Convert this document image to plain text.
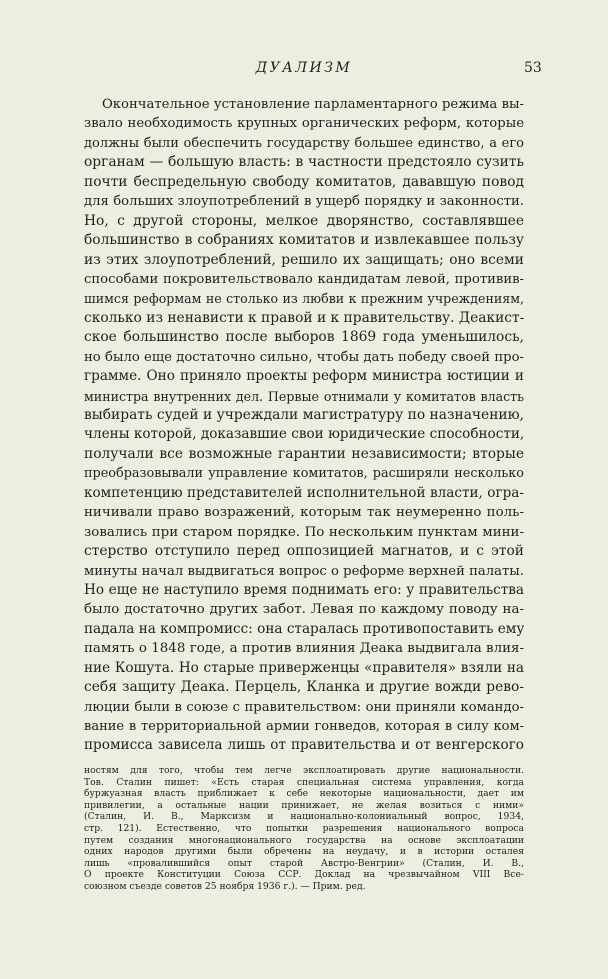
ДУАЛИЗМ	53
Окончательное установление парламентарного режима вы-
звало необходимость крупных органических реформ, которые
должны были обеспечить государству большее единство, а его
органам — большую власть: в частности предстояло сузить
почти беспредельную свободу комитатов, дававшую повод
для больших злоупотреблений в ущерб порядку и законности.
Но, с другой стороны, мелкое дворянство, составлявшее
большинство в собраниях комитатов и извлекавшее пользу
из этих злоупотреблений, решило их защищать; оно всеми
способами покровительствовало кандидатам левой, противив-
шимся реформам не столько из любви к прежним учреждениям,
сколько из ненависти к правой и к правительству. Деакист-
ское большинство после выборов 1869 года уменьшилось,
но было еще достаточно сильно, чтобы дать победу своей про-
грамме. Оно приняло проекты реформ министра юстиции и
министра внутренних дел. Первые отнимали у комитатов власть
выбирать судей и учреждали магистратуру по назначению,
члены которой, доказавшие свои юридические способности,
получали все возможные гарантии независимости; вторые
преобразовывали управление комитатов, расширяли несколько
компетенцию представителей исполнительной власти, огра-
ничивали право возражений, которым так неумеренно поль-
зовались при старом порядке. По нескольким пунктам мини-
стерство отступило перед оппозицией магнатов, и с этой
минуты начал выдвигаться вопрос о реформе верхней палаты.
Но еще не наступило время поднимать его: у правительства
было достаточно других забот. Левая по каждому поводу на-
падала на компромисс: она старалась противопоставить ему
память о 1848 годе, а против влияния Деака выдвигала влия-
ние Кошута. Но старые приверженцы «правителя» взяли на
себя защиту Деака. Перцель, Кланка и другие вожди рево-
люции были в союзе с правительством: они приняли командо-
вание в территориальной армии гонведов, которая в силу ком-
промисса зависела лишь от правительства и от венгерского
ностям для того, чтобы тем легче эксплоатировать другие национальности.
Тов. Сталин пишет: «Есть старая специальная система управления, когда
буржуазная власть приближает к себе некоторые национальности, дает им
привилегии, а остальные нации принижает, не желая возиться с ними»
(Сталин, И. В., Марксизм и национально-колониальный вопрос, 1934,
стр. 121). Естественно, что попытки разрешения национального вопроса
путем создания многонационального государства на основе эксплоатации
одних народов другими были обречены на неудачу, и в истории осталея
лишь «провалившийся опыт старой Австро-Венгрии» (Сталин, И. В.,
О проекте Конституции Союза ССР. Доклад на чрезвычайном VIII Все-
союзном съезде советов 25 ноября 1936 г.). — Прим. ред.
